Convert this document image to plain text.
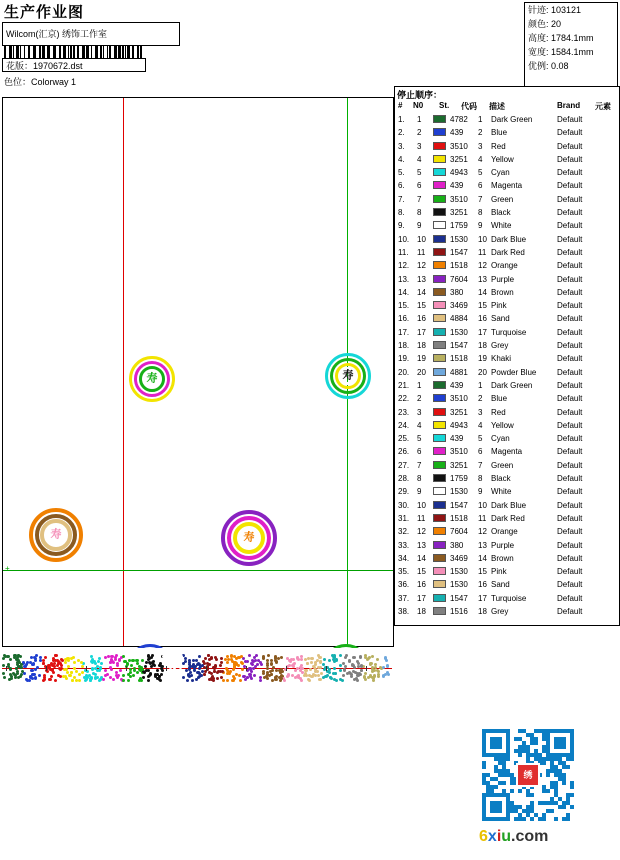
生产作业图	针迹: 103121
颜色: 20
高度: 1784.1mm
宽度: 1584.1mm
优例: 0.08
Wilcom(汇京) 绣饰工作室
花版：1970672.dst
色位：Colorway 1
+
寿	寿
寿	寿
停止顺序：
# N0 St. 代码 描述	Brand 元素
1. 1	4782 1 Dark Green	Default
2. 2	439 2 Blue	Default
3. 3	3510 3 Red	Default
4. 4	3251 4 Yellow	Default
5. 5	4943 5 Cyan	Default
6. 6	439 6 Magenta	Default
7. 7	3510 7 Green	Default
8. 8	3251 8 Black	Default
9. 9	1759 9 White	Default
10. 10	1530 10 Dark Blue	Default
11. 11	1547 11 Dark Red	Default
12. 12	1518 12 Orange	Default
13. 13	7604 13 Purple	Default
14. 14	380 14 Brown	Default
15. 15	3469 15 Pink	Default
16. 16	4884 16 Sand	Default
17. 17	1530 17 Turquoise	Default
18. 18	1547 18 Grey	Default
19. 19	1518 19 Khaki	Default
20. 20	4881 20 Powder Blue	Default
21. 1	439 1 Dark Green	Default
22. 2	3510 2 Blue	Default
23. 3	3251 3 Red	Default
24. 4	4943 4 Yellow	Default
25. 5	439 5 Cyan	Default
26. 6	3510 6 Magenta	Default
27. 7	3251 7 Green	Default
28. 8	1759 8 Black	Default
29. 9	1530 9 White	Default
30. 10	1547 10 Dark Blue	Default
31. 11	1518 11 Dark Red	Default
32. 12	7604 12 Orange	Default
33. 13	380 13 Purple	Default
34. 14	3469 14 Brown	Default
35. 15	1530 15 Pink	Default
36. 16	1530 16 Sand	Default
37. 17	1547 17 Turquoise	Default
38. 18	1516 18 Grey	Default
绣
6xiu.com
